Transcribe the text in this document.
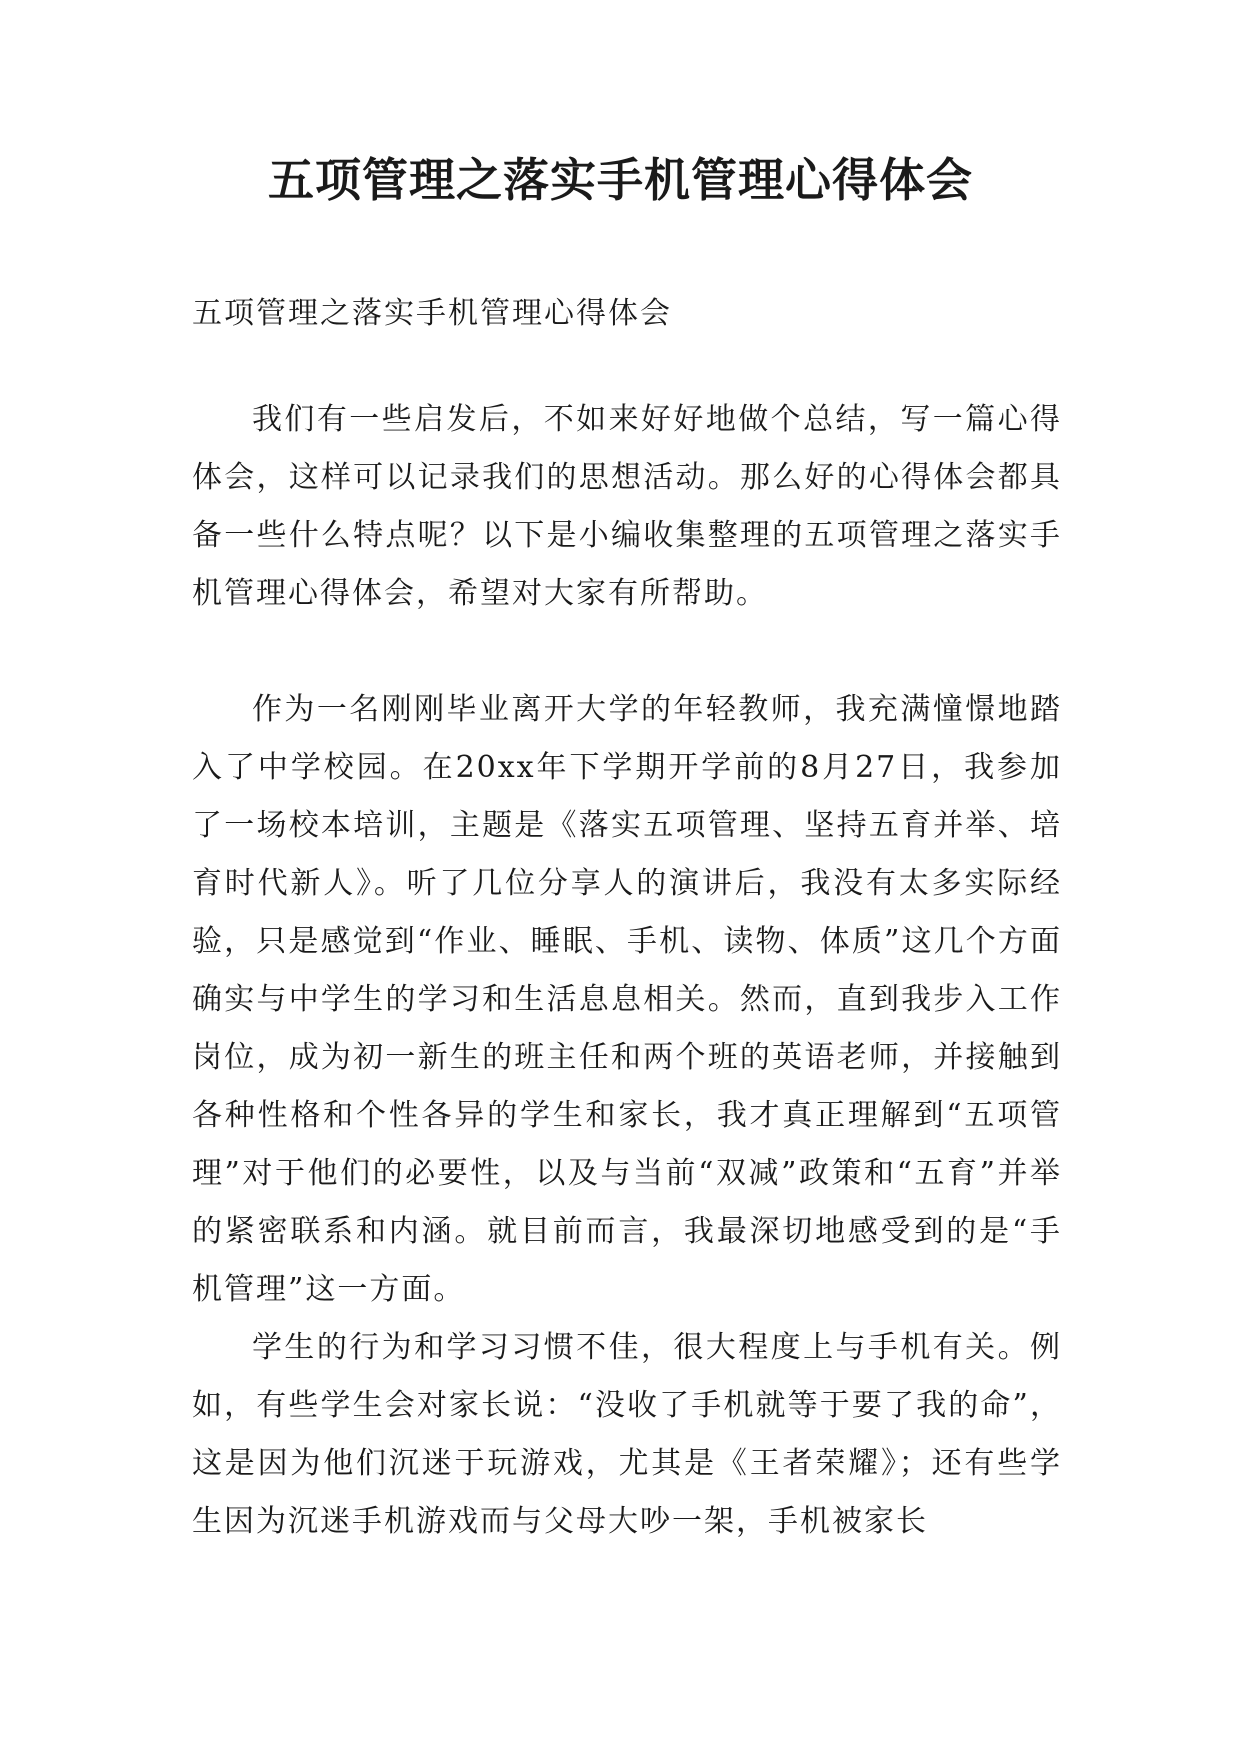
五项管理之落实手机管理心得体会

五项管理之落实手机管理心得体会

我们有一些启发后，不如来好好地做个总结，写一篇心得体会，这样可以记录我们的思想活动。那么好的心得体会都具备一些什么特点呢？以下是小编收集整理的五项管理之落实手机管理心得体会，希望对大家有所帮助。

作为一名刚刚毕业离开大学的年轻教师，我充满憧憬地踏入了中学校园。在20xx年下学期开学前的8月27日，我参加了一场校本培训，主题是《落实五项管理、坚持五育并举、培育时代新人》。听了几位分享人的演讲后，我没有太多实际经验，只是感觉到“作业、睡眠、手机、读物、体质”这几个方面确实与中学生的学习和生活息息相关。然而，直到我步入工作岗位，成为初一新生的班主任和两个班的英语老师，并接触到各种性格和个性各异的学生和家长，我才真正理解到“五项管理”对于他们的必要性，以及与当前“双减”政策和“五育”并举的紧密联系和内涵。就目前而言，我最深切地感受到的是“手机管理”这一方面。

学生的行为和学习习惯不佳，很大程度上与手机有关。例如，有些学生会对家长说：“没收了手机就等于要了我的命”，这是因为他们沉迷于玩游戏，尤其是《王者荣耀》；还有些学生因为沉迷手机游戏而与父母大吵一架，手机被家长
